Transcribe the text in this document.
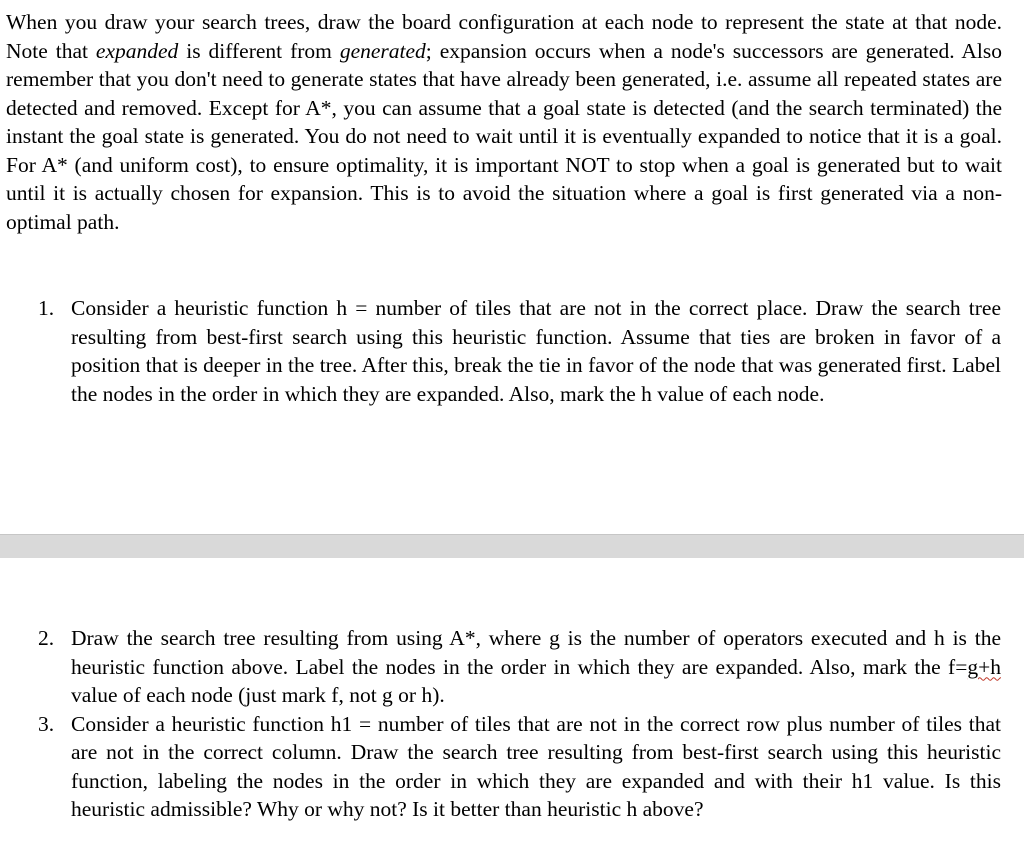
When you draw your search trees, draw the board configuration at each node to represent the state at that node. Note that expanded is different from generated; expansion occurs when a node's successors are generated. Also remember that you don't need to generate states that have already been generated, i.e. assume all repeated states are detected and removed. Except for A*, you can assume that a goal state is detected (and the search terminated) the instant the goal state is generated. You do not need to wait until it is eventually expanded to notice that it is a goal. For A* (and uniform cost), to ensure optimality, it is important NOT to stop when a goal is generated but to wait until it is actually chosen for expansion. This is to avoid the situation where a goal is first generated via a non-optimal path.

1. Consider a heuristic function h = number of tiles that are not in the correct place. Draw the search tree resulting from best-first search using this heuristic function. Assume that ties are broken in favor of a position that is deeper in the tree. After this, break the tie in favor of the node that was generated first. Label the nodes in the order in which they are expanded. Also, mark the h value of each node.
2. Draw the search tree resulting from using A*, where g is the number of operators executed and h is the heuristic function above. Label the nodes in the order in which they are expanded. Also, mark the f=g+h value of each node (just mark f, not g or h).
3. Consider a heuristic function h1 = number of tiles that are not in the correct row plus number of tiles that are not in the correct column. Draw the search tree resulting from best-first search using this heuristic function, labeling the nodes in the order in which they are expanded and with their h1 value. Is this heuristic admissible? Why or why not? Is it better than heuristic h above?
